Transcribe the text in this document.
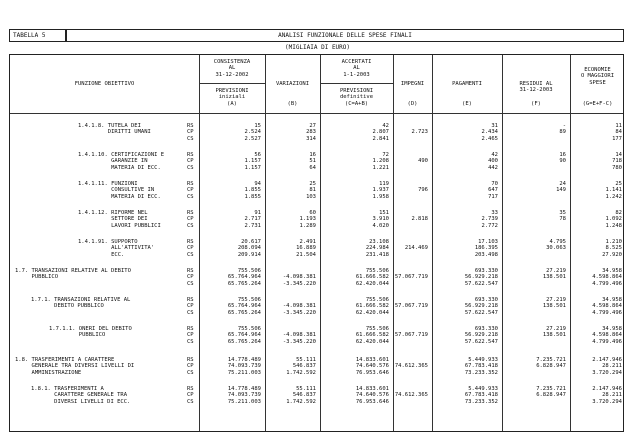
TABELLA 5	ANALISI FUNZIONALE DELLE SPESE FINALI
(MIGLIAIA DI EURO)
FUNZIONE OBIETTIVO
CONSISTENZA
AL
31-12-2002
PREVISIONI
iniziali
(A)
VARIAZIONI
(B)
ACCERTATI
AL
1-1-2003
PREVISIONI
definitive
(C=A+B)
IMPEGNI
(D)
PAGAMENTI
(E)
RESIDUI AL
31-12-2003
(F)
ECONOMIE
O MAGGIORI
SPESE
(G=E+F-C)
1.4.1.8. TUTELA DEI
DIRITTI UMANI
RS
CP
CS
15
2.524
2.527
27
283
314
42
2.807
2.841
2.723
31
2.434
2.465
-
89
11
84
177
1.4.1.10. CERTIFICAZIONI E
GARANZIE IN
MATERIA DI ECC.
RS
CP
CS
56
1.157
1.157
16
51
64
72
1.208
1.221
490
42
400
442
16
90
14
718
780
1.4.1.11. FUNZIONI
CONSULTIVE IN
MATERIA DI ECC.
RS
CP
CS
94
1.855
1.855
25
81
103
119
1.937
1.958
796
70
647
717
24
149
25
1.141
1.242
1.4.1.12. RIFORME NEL
SETTORE DEI
LAVORI PUBBLICI
RS
CP
CS
91
2.717
2.731
60
1.193
1.289
151
3.910
4.020
2.818
33
2.739
2.772
35
78
82
1.092
1.248
1.4.1.91. SUPPORTO
ALL'ATTIVITA'
ECC.
RS
CP
CS
20.617
208.094
209.914
2.491
16.889
21.504
23.108
224.984
231.418
214.469
17.103
186.395
203.498
4.795
30.063
1.210
8.525
27.920
1.7. TRANSAZIONI RELATIVE AL DEBITO
PUBBLICO
RS
CP
CS
755.506
65.764.964
65.765.264
-4.098.381
-3.345.220
755.506
61.666.582
62.420.044
57.067.719
693.330
56.929.218
57.622.547
27.219
138.501
34.958
4.598.864
4.799.496
1.7.1. TRANSAZIONI RELATIVE AL
DEBITO PUBBLICO
RS
CP
CS
755.506
65.764.964
65.765.264
-4.098.381
-3.345.220
755.506
61.666.582
62.420.044
57.067.719
693.330
56.929.218
57.622.547
27.219
138.501
34.958
4.598.864
4.799.496
1.7.1.1. ONERI DEL DEBITO
PUBBLICO
RS
CP
CS
755.506
65.764.964
65.765.264
-4.098.381
-3.345.220
755.506
61.666.582
62.420.044
57.067.719
693.330
56.929.218
57.622.547
27.219
138.501
34.958
4.598.864
4.799.496
1.8. TRASFERIMENTI A CARATTERE
GENERALE TRA DIVERSI LIVELLI DI
AMMINISTRAZIONE
RS
CP
CS
14.778.489
74.093.739
75.211.003
55.111
546.837
1.742.592
14.833.601
74.640.576
76.953.646
74.612.365
5.449.933
67.783.418
73.233.352
7.235.721
6.828.947
2.147.946
28.211
3.720.294
1.8.1. TRASFERIMENTI A
CARATTERE GENERALE TRA
DIVERSI LIVELLI DI ECC.
RS
CP
CS
14.778.489
74.093.739
75.211.003
55.111
546.837
1.742.592
14.833.601
74.640.576
76.953.646
74.612.365
5.449.933
67.783.418
73.233.352
7.235.721
6.828.947
2.147.946
28.211
3.720.294
